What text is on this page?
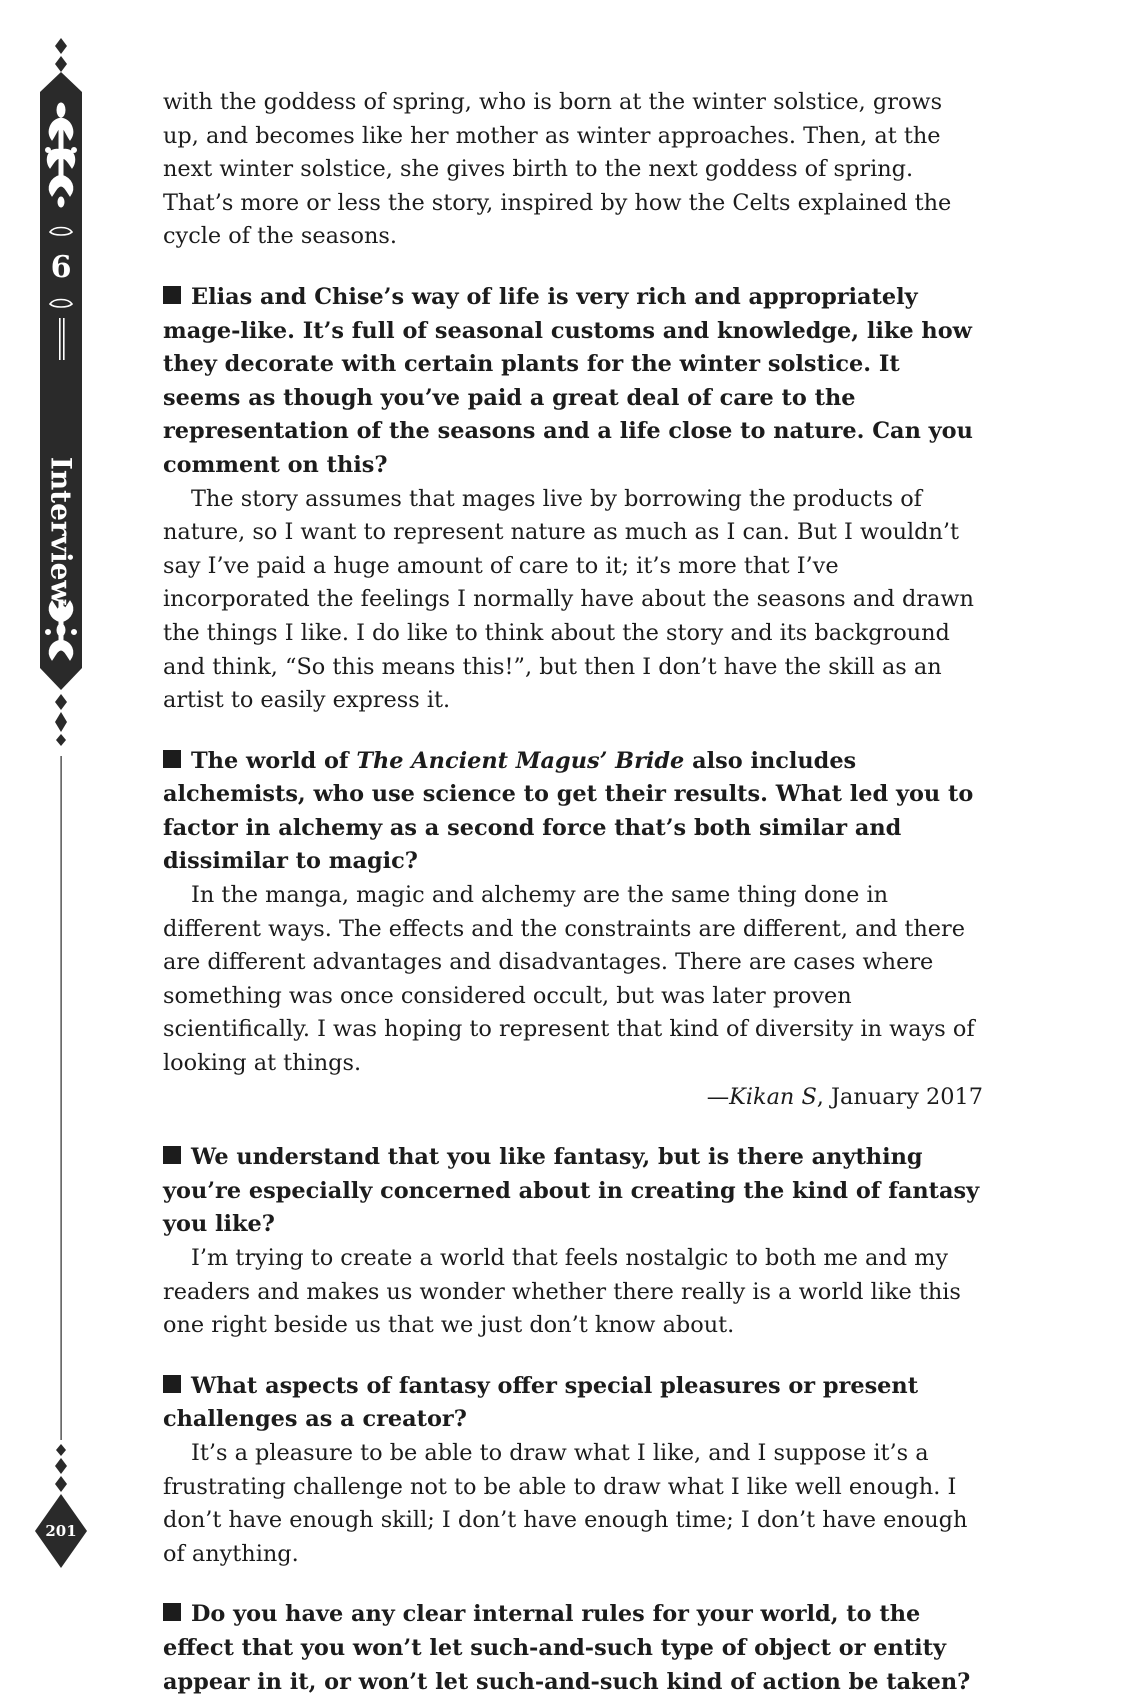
6
Interviews
201

with the goddess of spring, who is born at the winter solstice, grows up, and becomes like her mother as winter approaches. Then, at the next winter solstice, she gives birth to the next goddess of spring. That’s more or less the story, inspired by how the Celts explained the cycle of the seasons.

Elias and Chise’s way of life is very rich and appropriately mage-like. It’s full of seasonal customs and knowledge, like how they decorate with certain plants for the winter solstice. It seems as though you’ve paid a great deal of care to the representation of the seasons and a life close to nature. Can you comment on this?

The story assumes that mages live by borrowing the products of nature, so I want to represent nature as much as I can. But I wouldn’t say I’ve paid a huge amount of care to it; it’s more that I’ve incorporated the feelings I normally have about the seasons and drawn the things I like. I do like to think about the story and its background and think, “So this means this!”, but then I don’t have the skill as an artist to easily express it.

The world of The Ancient Magus’ Bride also includes alchemists, who use science to get their results. What led you to factor in alchemy as a second force that’s both similar and dissimilar to magic?

In the manga, magic and alchemy are the same thing done in different ways. The effects and the constraints are different, and there are different advantages and disadvantages. There are cases where something was once considered occult, but was later proven scientifically. I was hoping to represent that kind of diversity in ways of looking at things.

—Kikan S, January 2017

We understand that you like fantasy, but is there anything you’re especially concerned about in creating the kind of fantasy you like?

I’m trying to create a world that feels nostalgic to both me and my readers and makes us wonder whether there really is a world like this one right beside us that we just don’t know about.

What aspects of fantasy offer special pleasures or present challenges as a creator?

It’s a pleasure to be able to draw what I like, and I suppose it’s a frustrating challenge not to be able to draw what I like well enough. I don’t have enough skill; I don’t have enough time; I don’t have enough of anything.

Do you have any clear internal rules for your world, to the effect that you won’t let such-and-such type of object or entity appear in it, or won’t let such-and-such kind of action be taken?
